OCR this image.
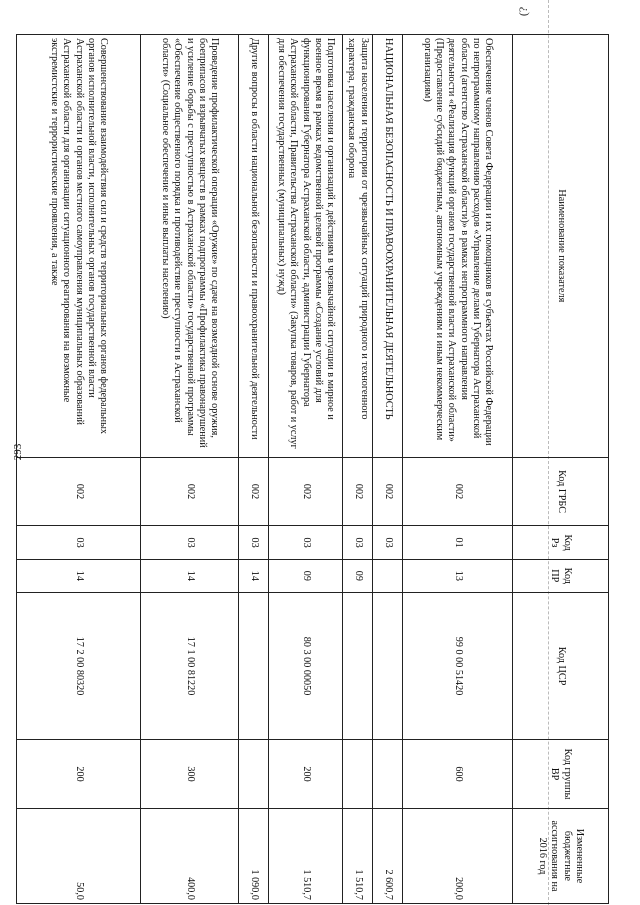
293
(?
Наименование показателя	Код ГРБС	Код Рз	Код ПР	Код ЦСР	Код группы ВР	Измененные бюджетные ассигнования на 2016 год
Обеспечение членов Совета Федерации и их помощников в субъектах Российской Федерации по непрограммному направлению расходов «Управление делами Губернатора Астраханской области (агентство Астраханской области)» в рамках непрограммного направления деятельности «Реализация функций органов государственной власти Астраханской области» (Предоставление субсидий бюджетным, автономным учреждениям и иным некоммерческим организациям)	002	01	13	99 0 00 51420	600	200,0
НАЦИОНАЛЬНАЯ БЕЗОПАСНОСТЬ И ПРАВООХРАНИТЕЛЬНАЯ ДЕЯТЕЛЬНОСТЬ	002	03				2 600,7
Защита населения и территории от чрезвычайных ситуаций природного и техногенного характера, гражданская оборона	002	03	09			1 510,7
Подготовка населения и организаций к действиям в чрезвычайной ситуации в мирное и военное время в рамках ведомственной целевой программы «Создание условий для функционирования Губернатора Астраханской области, администрации Губернатора Астраханской области, Правительства Астраханской области» (Закупка товаров, работ и услуг для обеспечения государственных (муниципальных) нужд)	002	03	09	80 3 00 00050	200	1 510,7
Другие вопросы в области национальной безопасности и правоохранительной деятельности	002	03	14			1 090,0
Проведение профилактической операции «Оружие» по сдаче на возмездной основе оружия, боеприпасов и взрывчатых веществ в рамках подпрограммы «Профилактика правонарушений и усиление борьбы с преступностью в Астраханской области» государственной программы «Обеспечение общественного порядка и противодействие преступности в Астраханской области» (Социальное обеспечение и иные выплаты населению)	002	03	14	17 1 00 81220	300	400,0
Совершенствование взаимодействия сил и средств территориальных органов федеральных органов исполнительной власти, исполнительных органов государственной власти Астраханской области и органов местного самоуправления муниципальных образований Астраханской области для организации ситуационного реагирования на возможные экстремистские и террористические проявления, а также	002	03	14	17 2 00 80320	200	50,0
